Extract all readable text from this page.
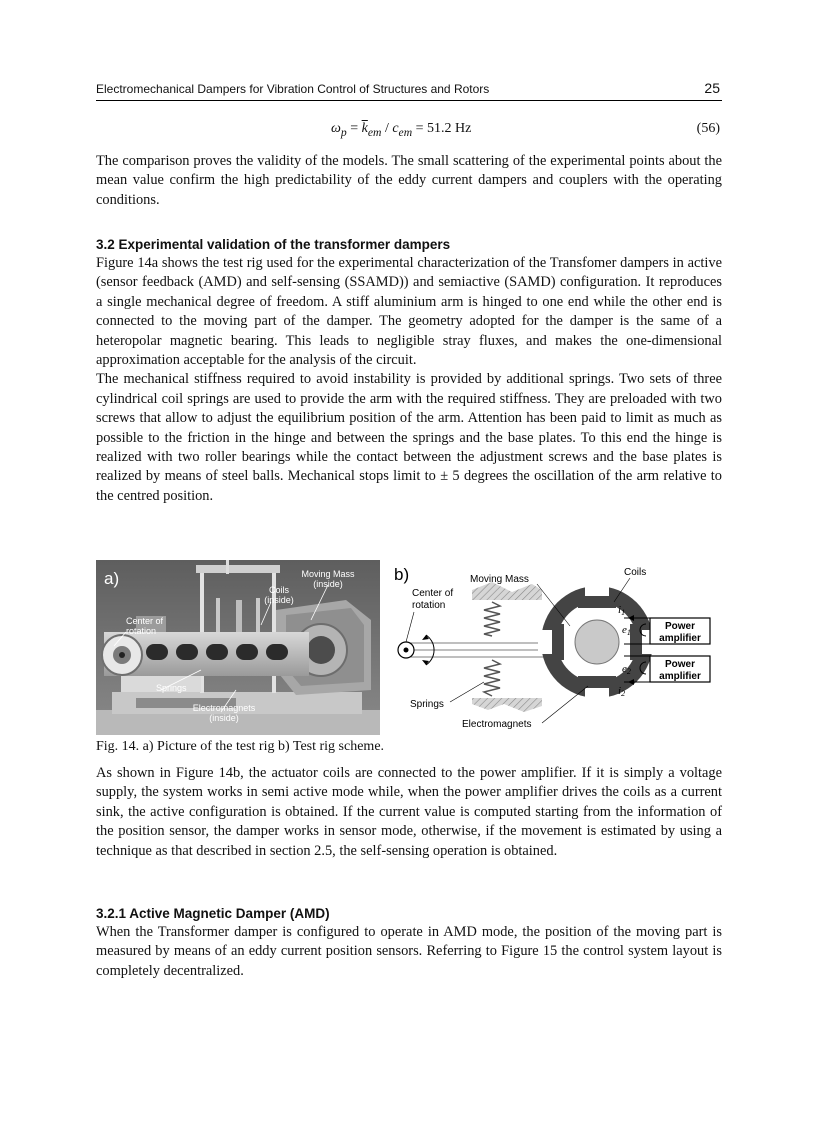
Electromechanical Dampers for Vibration Control of Structures and Rotors	25
$\omega_p = \overline{k}_{em} / c_{em} = 51.2$ Hz	(56)

The comparison proves the validity of the models. The small scattering of the experimental points about the mean value confirm the high predictability of the eddy current dampers and couplers with the operating conditions.

3.2 Experimental validation of the transformer dampers

Figure 14a shows the test rig used for the experimental characterization of the Transfomer dampers in active (sensor feedback (AMD) and self-sensing (SSAMD)) and semiactive (SAMD) configuration. It reproduces a single mechanical degree of freedom. A stiff aluminium arm is hinged to one end while the other end is connected to the moving part of the damper. The geometry adopted for the damper is the same of a heteropolar magnetic bearing. This leads to negligible stray fluxes, and makes the one-dimensional approximation acceptable for the analysis of the circuit.

The mechanical stiffness required to avoid instability is provided by additional springs. Two sets of three cylindrical coil springs are used to provide the arm with the required stiffness. They are preloaded with two screws that allow to adjust the equilibrium position of the arm. Attention has been paid to limit as much as possible to the friction in the hinge and between the springs and the base plates. To this end the hinge is realized with two roller bearings while the contact between the adjustment screws and the base plates is realized by means of steel balls. Mechanical stops limit to ± 5 degrees the oscillation of the arm relative to the centred position.

a)	Moving Mass
(inside)
Coils
(inside)
Center of
rotation
Springs
Electromagnets
(inside)
b)
Power
amplifier
Power
amplifier
i1
e1
e2
i2
Moving Mass
Coils
Center of
rotation
Springs
Electromagnets
Fig. 14. a) Picture of the test rig b) Test rig scheme.

As shown in Figure 14b, the actuator coils are connected to the power amplifier. If it is simply a voltage supply, the system works in semi active mode while, when the power amplifier drives the coils as a current sink, the active configuration is obtained. If the current value is computed starting from the information of the position sensor, the damper works in sensor mode, otherwise, if the movement is estimated by using a technique as that described in section 2.5, the self-sensing operation is obtained.

3.2.1 Active Magnetic Damper (AMD)

When the Transformer damper is configured to operate in AMD mode, the position of the moving part is measured by means of an eddy current position sensors. Referring to Figure 15 the control system layout is completely decentralized.
